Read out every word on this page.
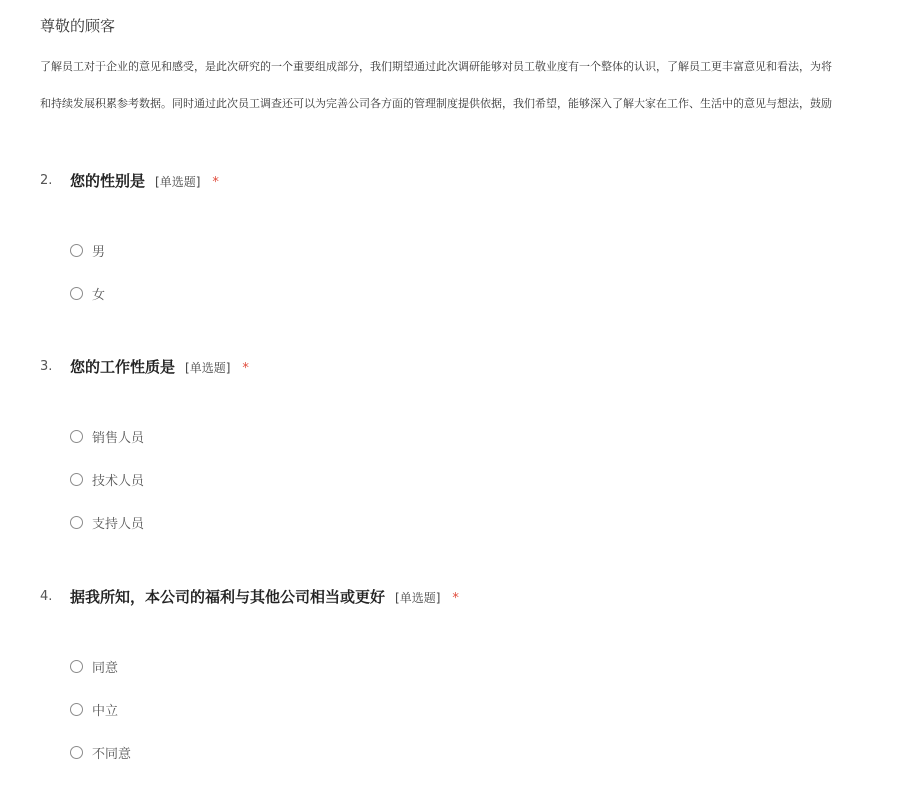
尊敬的顾客
了解员工对于企业的意见和感受，是此次研究的一个重要组成部分，我们期望通过此次调研能够对员工敬业度有一个整体的认识，了解员工更丰富意见和看法，为将
和持续发展积累参考数据。同时通过此次员工调查还可以为完善公司各方面的管理制度提供依据，我们希望，能够深入了解大家在工作、生活中的意见与想法，鼓励
2. 您的性别是 [单选题] *
男
女
3. 您的工作性质是 [单选题] *
销售人员
技术人员
支持人员
4. 据我所知，本公司的福利与其他公司相当或更好 [单选题] *
同意
中立
不同意
